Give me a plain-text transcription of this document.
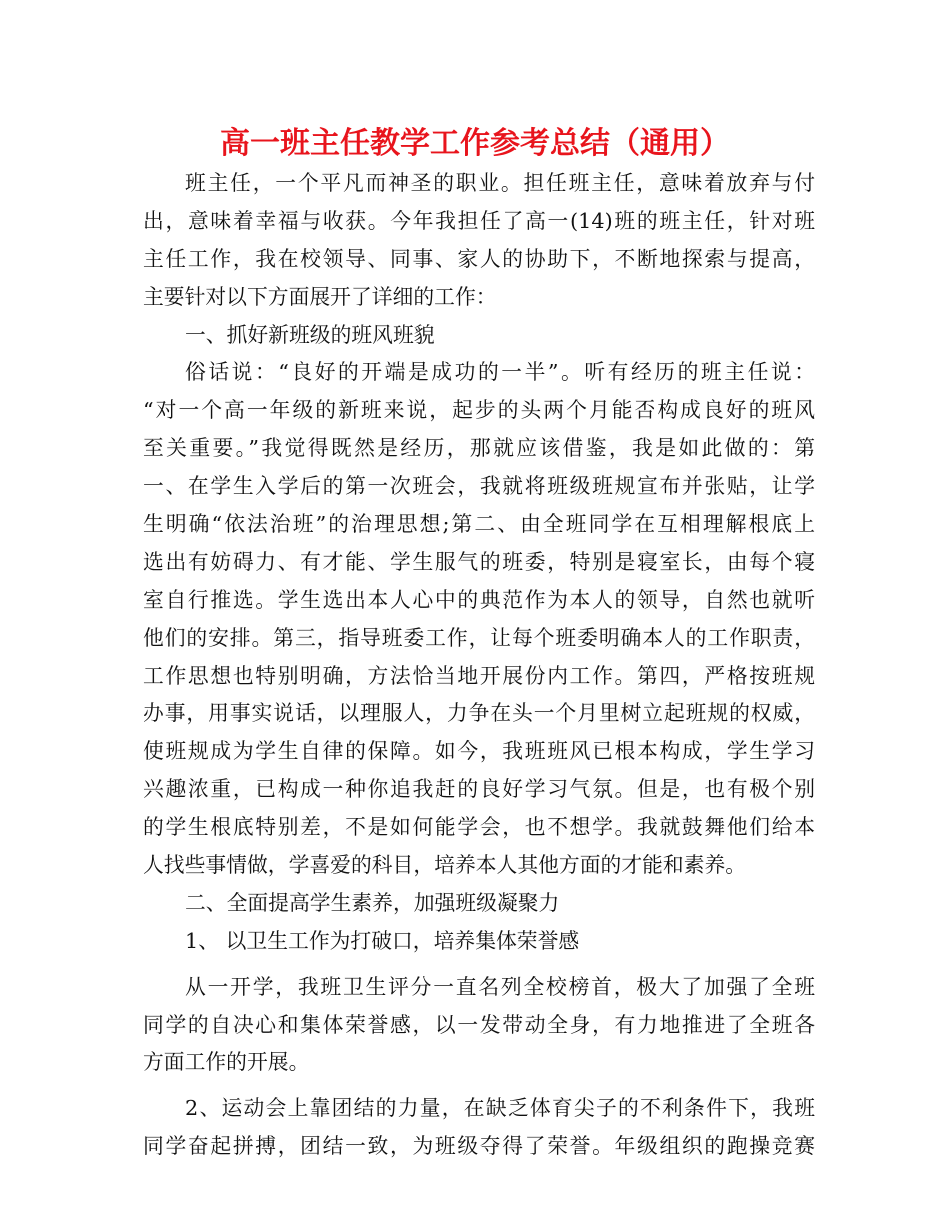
高一班主任教学工作参考总结（通用）
班主任，一个平凡而神圣的职业。担任班主任，意味着放弃与付
出，意味着幸福与收获。今年我担任了高一(14)班的班主任，针对班
主任工作，我在校领导、同事、家人的协助下，不断地探索与提高，
主要针对以下方面展开了详细的工作：
一、抓好新班级的班风班貌
俗话说：“良好的开端是成功的一半”。听有经历的班主任说：
“对一个高一年级的新班来说，起步的头两个月能否构成良好的班风
至关重要。”我觉得既然是经历，那就应该借鉴，我是如此做的：第
一、在学生入学后的第一次班会，我就将班级班规宣布并张贴，让学
生明确“依法治班”的治理思想;第二、由全班同学在互相理解根底上
选出有妨碍力、有才能、学生服气的班委，特别是寝室长，由每个寝
室自行推选。学生选出本人心中的典范作为本人的领导，自然也就听
他们的安排。第三，指导班委工作，让每个班委明确本人的工作职责，
工作思想也特别明确，方法恰当地开展份内工作。第四，严格按班规
办事，用事实说话，以理服人，力争在头一个月里树立起班规的权威，
使班规成为学生自律的保障。如今，我班班风已根本构成，学生学习
兴趣浓重，已构成一种你追我赶的良好学习气氛。但是，也有极个别
的学生根底特别差，不是如何能学会，也不想学。我就鼓舞他们给本
人找些事情做，学喜爱的科目，培养本人其他方面的才能和素养。
二、全面提高学生素养，加强班级凝聚力
1、 以卫生工作为打破口，培养集体荣誉感
从一开学，我班卫生评分一直名列全校榜首，极大了加强了全班
同学的自决心和集体荣誉感，以一发带动全身，有力地推进了全班各
方面工作的开展。
2、运动会上靠团结的力量，在缺乏体育尖子的不利条件下，我班
同学奋起拼搏，团结一致，为班级夺得了荣誉。年级组织的跑操竞赛
